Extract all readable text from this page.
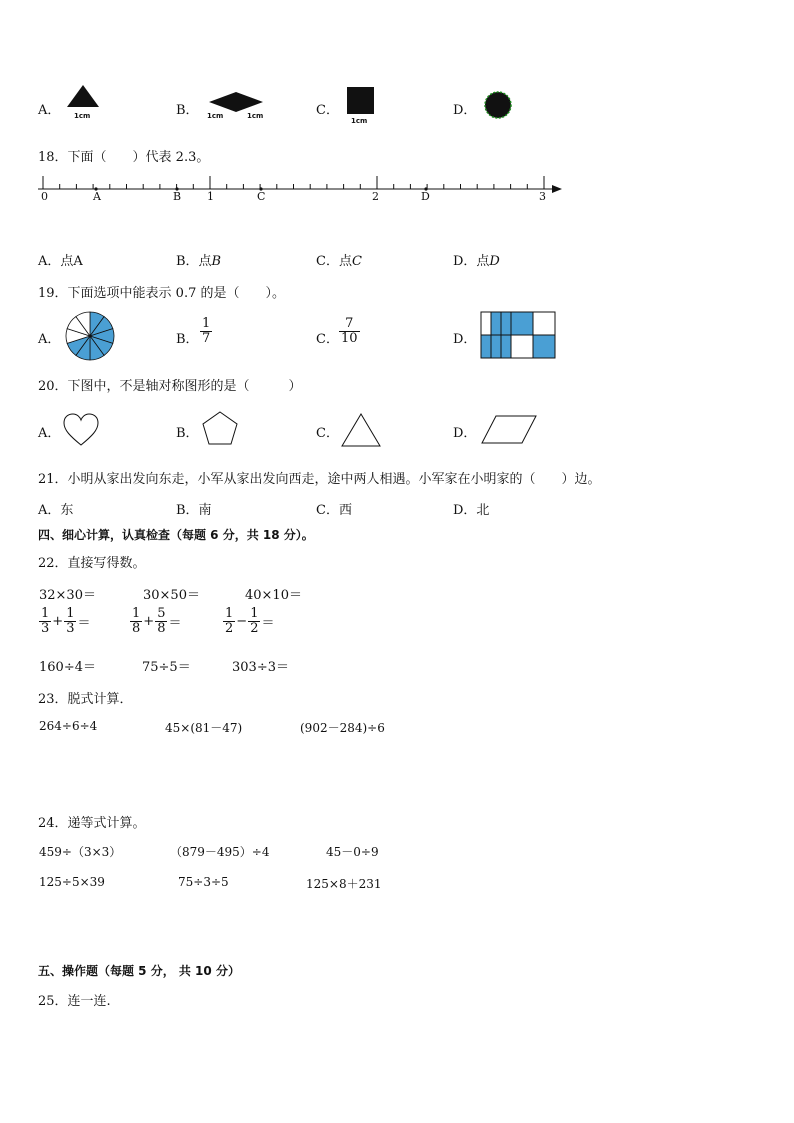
A． 1cm	B． 1cm	1cm	C．
1cm
D．
18．下面（　　）代表 2.3。
0	A	B 1	C	2	D	3
A．点A	B．点𝐵	C．点𝐶	D．点𝐷
19．下面选项中能表示 0.7 的是（　　）。
A．	B． $\frac{1}{7}$	C． $\frac{7}{10}$	D．
20．下图中，不是轴对称图形的是（　　　）
A．	B．	C．	D．
21．小明从家出发向东走，小军从家出发向西走，途中两人相遇。小军家在小明家的（　　）边。
A．东	B．南	C．西	D．北
四、细心计算，认真检查（每题 6 分，共 18 分）。
22．直接写得数。
32×30＝	30×50＝	40×10＝
$\frac{1}{3} + \frac{1}{3}$ ＝	$\frac{1}{8} + \frac{5}{8}$ ＝	$\frac{1}{2} - \frac{1}{2}$ ＝
160÷4＝	75÷5＝	303÷3＝
23．脱式计算．
264÷6÷4	45×(81－47)	(902－284)÷6
24．递等式计算。
459÷（3×3）	（879－495）÷4	45－0÷9
125÷5×39	75÷3÷5	125×8＋231
五、操作题（每题 5 分， 共 10 分）
25．连一连.
